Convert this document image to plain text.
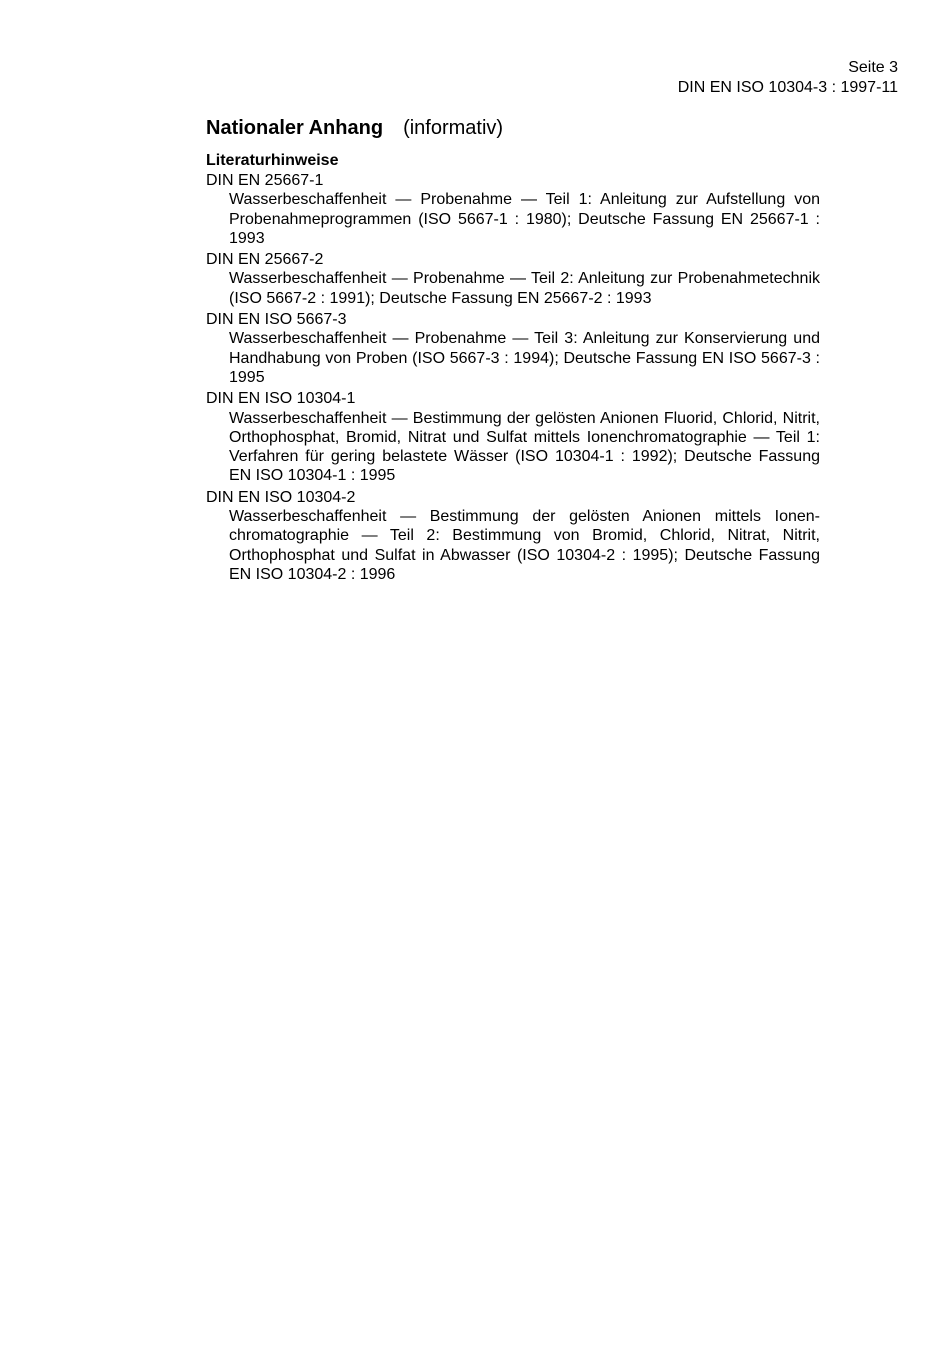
Seite 3
DIN EN ISO 10304-3 : 1997-11
Nationaler Anhang (informativ)
Literaturhinweise
DIN EN 25667-1
Wasserbeschaffenheit — Probenahme — Teil 1: Anleitung zur Aufstellung von Probenahmeprogrammen (ISO 5667-1 : 1980); Deutsche Fassung EN 25667-1 : 1993
DIN EN 25667-2
Wasserbeschaffenheit — Probenahme — Teil 2: Anleitung zur Probenahmetechnik (ISO 5667-2 : 1991); Deutsche Fassung EN 25667-2 : 1993
DIN EN ISO 5667-3
Wasserbeschaffenheit — Probenahme — Teil 3: Anleitung zur Konservierung und Handhabung von Proben (ISO 5667-3 : 1994); Deutsche Fassung EN ISO 5667-3 : 1995
DIN EN ISO 10304-1
Wasserbeschaffenheit — Bestimmung der gelösten Anionen Fluorid, Chlorid, Nitrit, Orthophosphat, Bromid, Nitrat und Sulfat mittels Ionenchromatographie — Teil 1: Verfahren für gering belastete Wässer (ISO 10304-1 : 1992); Deutsche Fassung EN ISO 10304-1 : 1995
DIN EN ISO 10304-2
Wasserbeschaffenheit — Bestimmung der gelösten Anionen mittels Ionenchromatographie — Teil 2: Bestimmung von Bromid, Chlorid, Nitrat, Nitrit, Orthophosphat und Sulfat in Abwasser (ISO 10304-2 : 1995); Deutsche Fassung EN ISO 10304-2 : 1996
